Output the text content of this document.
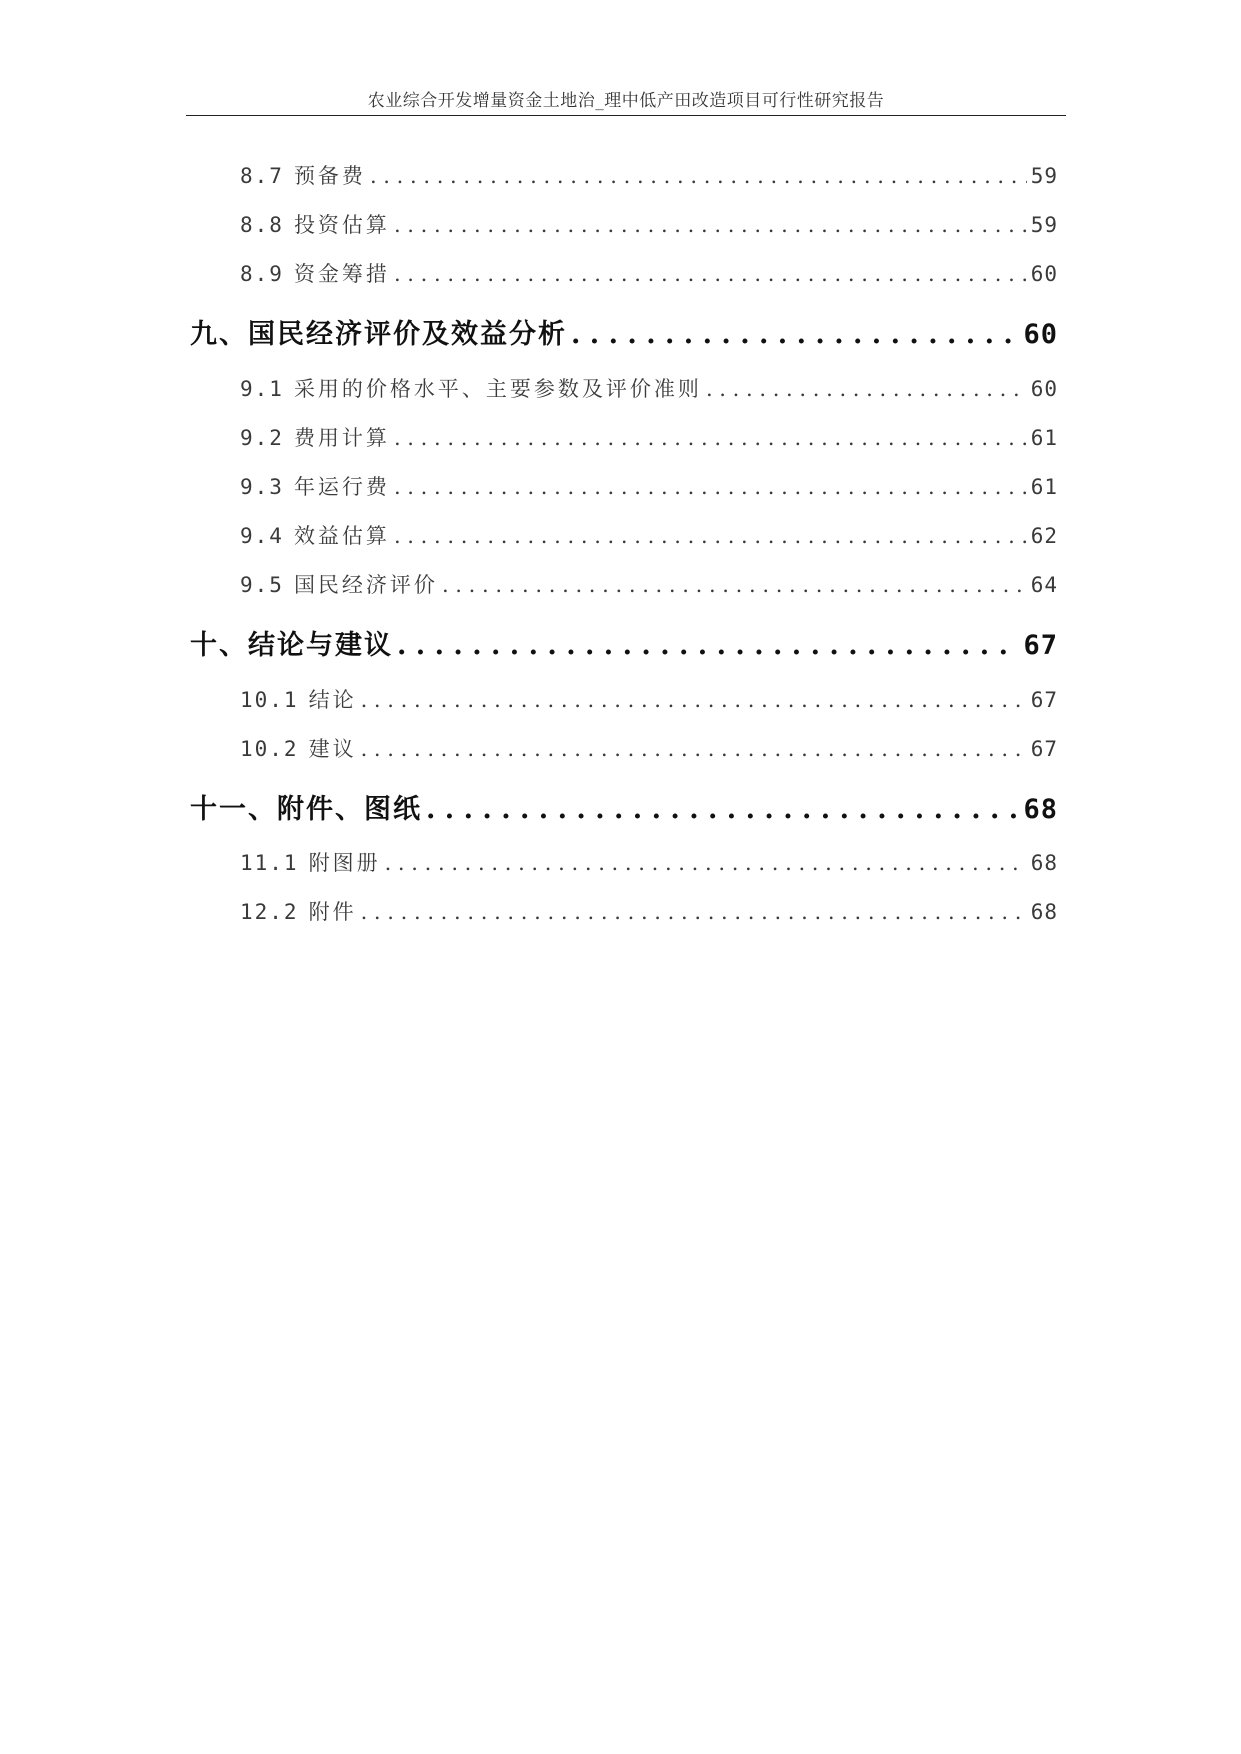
农业综合开发增量资金土地治_理中低产田改造项目可行性研究报告
8.7 预备费 . . .	59
8.8 投资估算 . . .	59
8.9 资金筹措 . . .	60
九、国民经济评价及效益分析 . . .	60
9.1 采用的价格水平、主要参数及评价准则 . . .	60
9.2 费用计算 . . .	61
9.3 年运行费 . . .	61
9.4 效益估算 . . .	62
9.5 国民经济评价 . . .	64
十、结论与建议 . . .	67
10.1 结论 . . .	67
10.2 建议 . . .	67
十一、附件、图纸 . . .	68
11.1 附图册 . . .	68
12.2 附件 . . .	68
